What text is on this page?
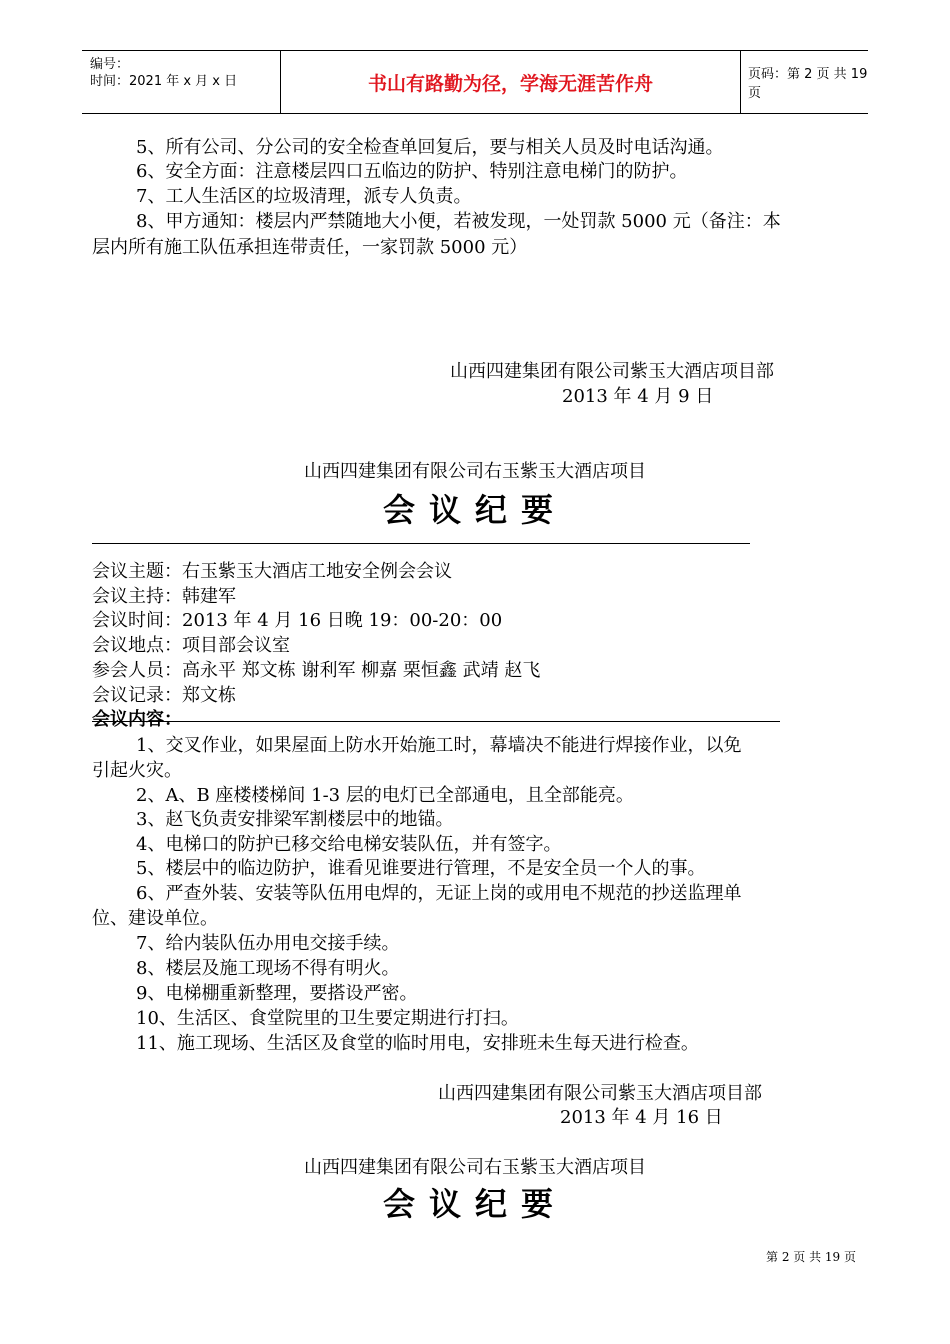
编号：
时间：2021 年 x 月 x 日	书山有路勤为径，学海无涯苦作舟	页码：第 2 页 共 19 页
5、所有公司、分公司的安全检查单回复后，要与相关人员及时电话沟通。
6、安全方面：注意楼层四口五临边的防护、特别注意电梯门的防护。
7、工人生活区的垃圾清理，派专人负责。
8、甲方通知：楼层内严禁随地大小便，若被发现，一处罚款 5000 元（备注：本
层内所有施工队伍承担连带责任，一家罚款 5000 元）
山西四建集团有限公司紫玉大酒店项目部
2013 年 4 月 9 日
山西四建集团有限公司右玉紫玉大酒店项目
会议纪要
会议主题：右玉紫玉大酒店工地安全例会会议
会议主持：韩建军
会议时间：2013 年 4 月 16 日晚 19：00-20：00
会议地点：项目部会议室
参会人员：高永平 郑文栋 谢利军 柳嘉 栗恒鑫 武靖 赵飞
会议记录：郑文栋
会议内容：
1、交叉作业，如果屋面上防水开始施工时，幕墙决不能进行焊接作业，以免
引起火灾。
2、A、B 座楼楼梯间 1-3 层的电灯已全部通电，且全部能亮。
3、赵飞负责安排梁军割楼层中的地锚。
4、电梯口的防护已移交给电梯安装队伍，并有签字。
5、楼层中的临边防护，谁看见谁要进行管理，不是安全员一个人的事。
6、严查外装、安装等队伍用电焊的，无证上岗的或用电不规范的抄送监理单
位、建设单位。
7、给内装队伍办用电交接手续。
8、楼层及施工现场不得有明火。
9、电梯棚重新整理，要搭设严密。
10、生活区、食堂院里的卫生要定期进行打扫。
11、施工现场、生活区及食堂的临时用电，安排班未生每天进行检查。
山西四建集团有限公司紫玉大酒店项目部
2013 年 4 月 16 日
山西四建集团有限公司右玉紫玉大酒店项目
会议纪要
第 2 页 共 19 页
